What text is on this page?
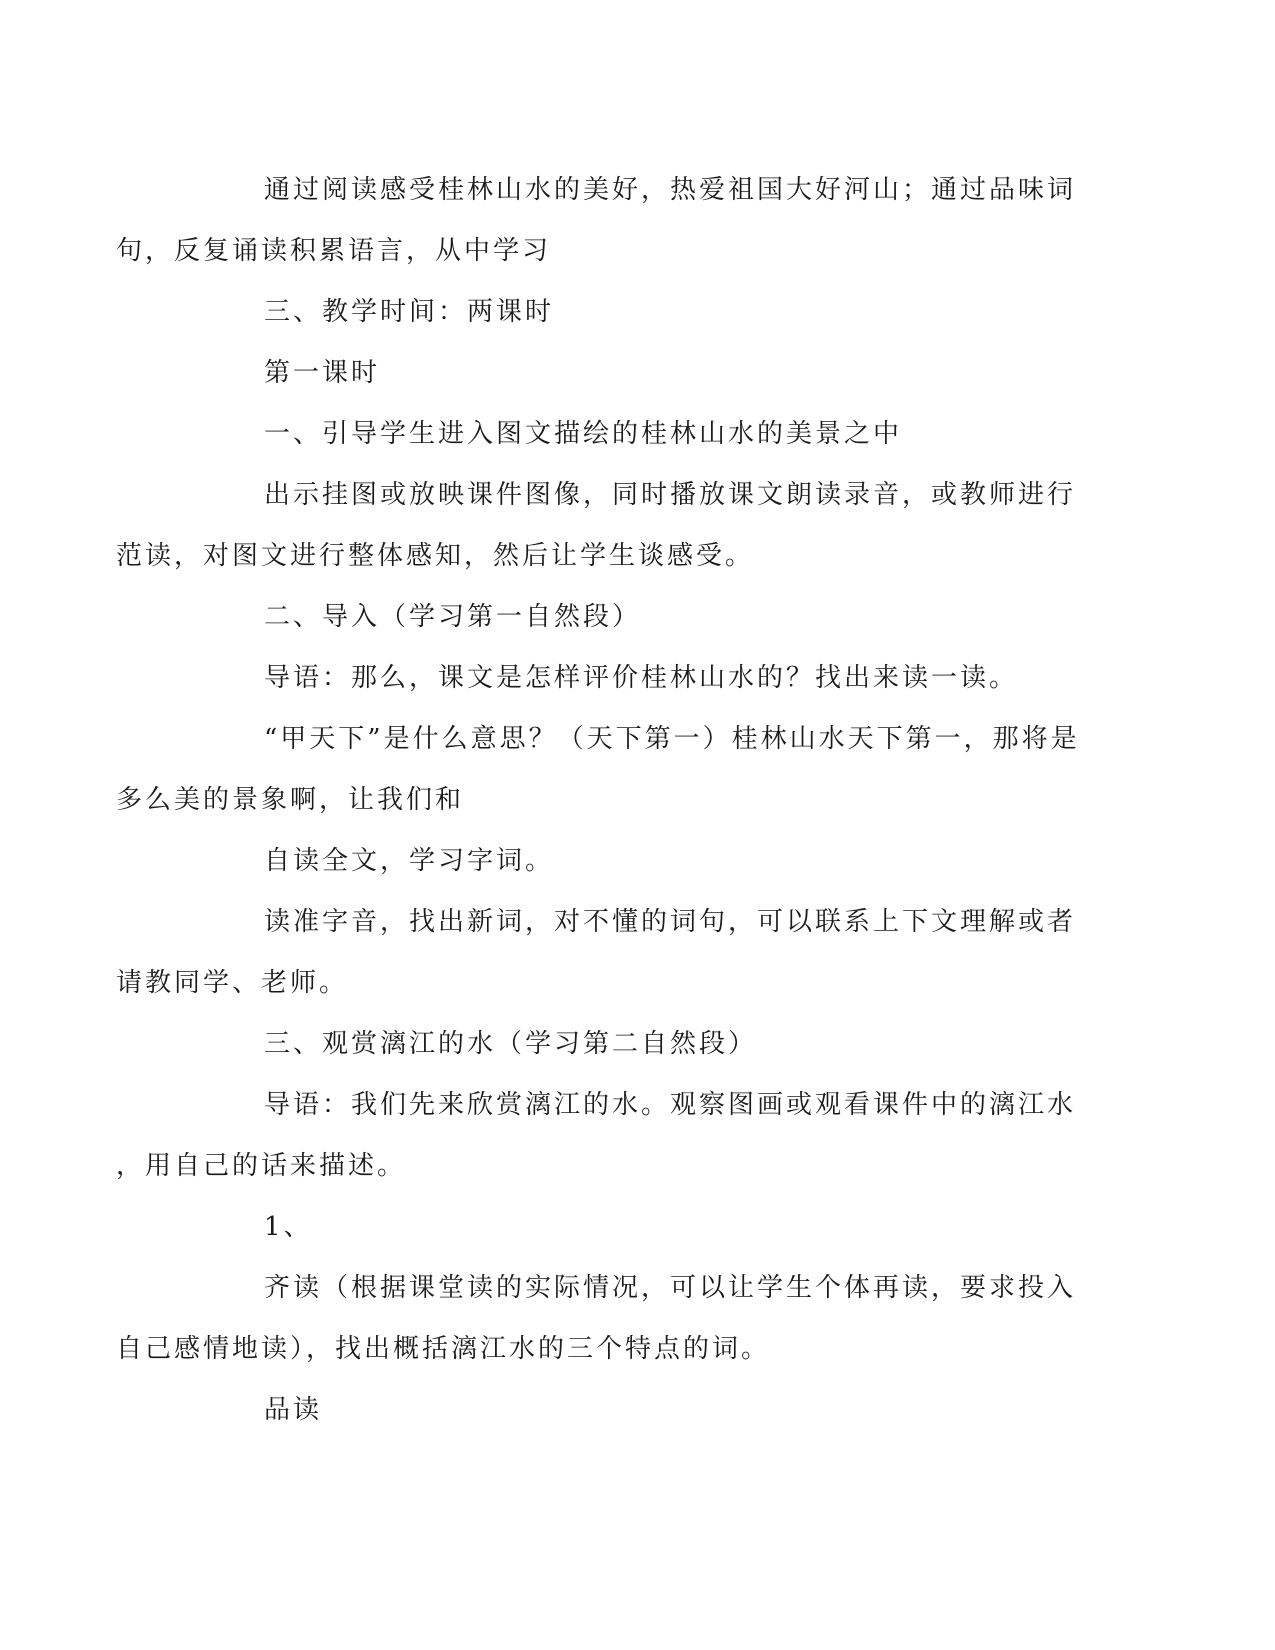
通过阅读感受桂林山水的美好，热爱祖国大好河山；通过品味词
句，反复诵读积累语言，从中学习

三、教学时间：两课时

第一课时

一、引导学生进入图文描绘的桂林山水的美景之中

出示挂图或放映课件图像，同时播放课文朗读录音，或教师进行
范读，对图文进行整体感知，然后让学生谈感受。

二、导入（学习第一自然段）

导语：那么，课文是怎样评价桂林山水的？找出来读一读。

“甲天下”是什么意思？（天下第一）桂林山水天下第一，那将是
多么美的景象啊，让我们和

自读全文，学习字词。

读准字音，找出新词，对不懂的词句，可以联系上下文理解或者
请教同学、老师。

三、观赏漓江的水（学习第二自然段）

导语：我们先来欣赏漓江的水。观察图画或观看课件中的漓江水
，用自己的话来描述。

1、

齐读（根据课堂读的实际情况，可以让学生个体再读，要求投入
自己感情地读），找出概括漓江水的三个特点的词。

品读
